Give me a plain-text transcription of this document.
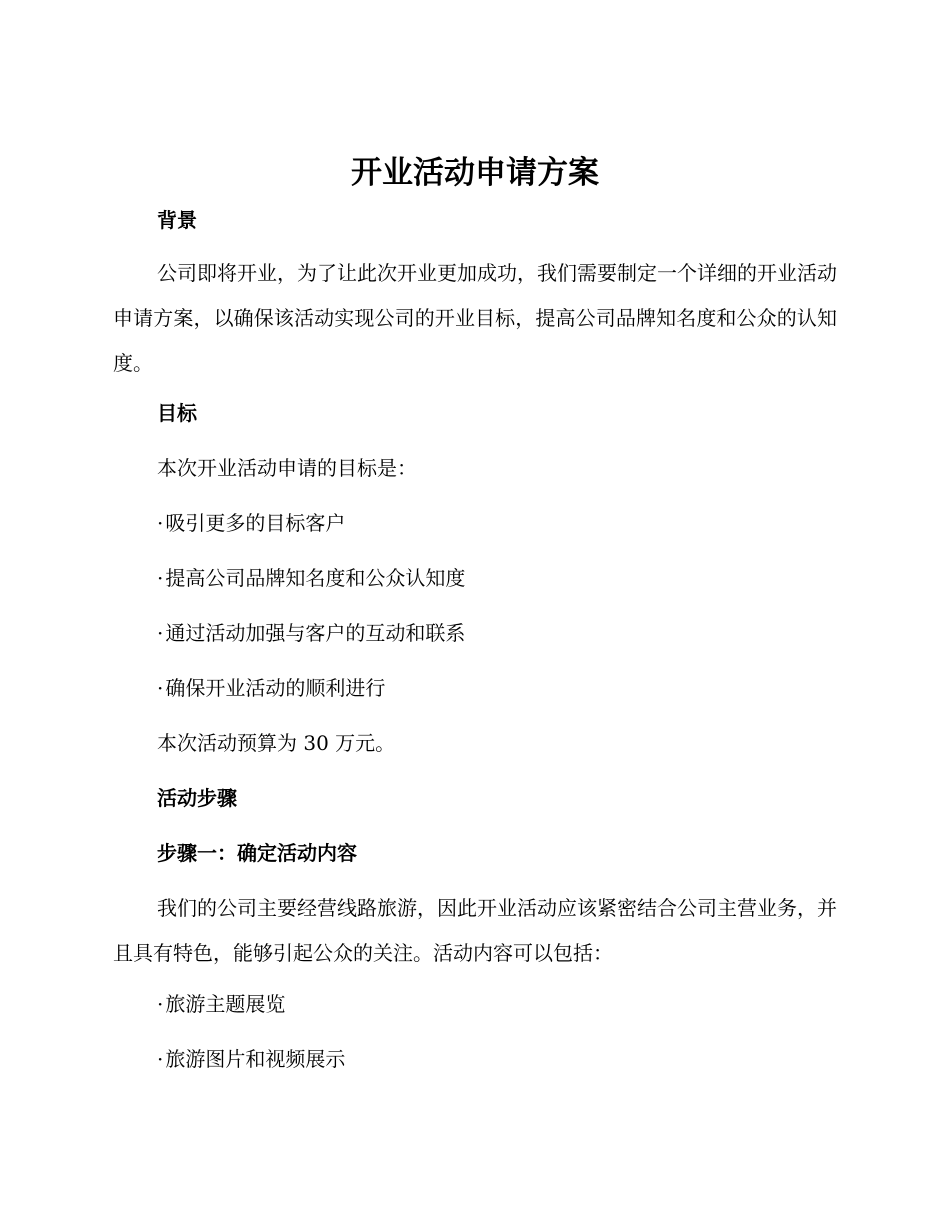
开业活动申请方案
背景

公司即将开业，为了让此次开业更加成功，我们需要制定一个详细的开业活动申请方案，以确保该活动实现公司的开业目标，提高公司品牌知名度和公众的认知度。

目标
本次开业活动申请的目标是：
· 吸引更多的目标客户
· 提高公司品牌知名度和公众认知度
· 通过活动加强与客户的互动和联系
· 确保开业活动的顺利进行
本次活动预算为 30 万元。
活动步骤
步骤一：确定活动内容

我们的公司主要经营线路旅游，因此开业活动应该紧密结合公司主营业务，并且具有特色，能够引起公众的关注。活动内容可以包括：

· 旅游主题展览
· 旅游图片和视频展示
